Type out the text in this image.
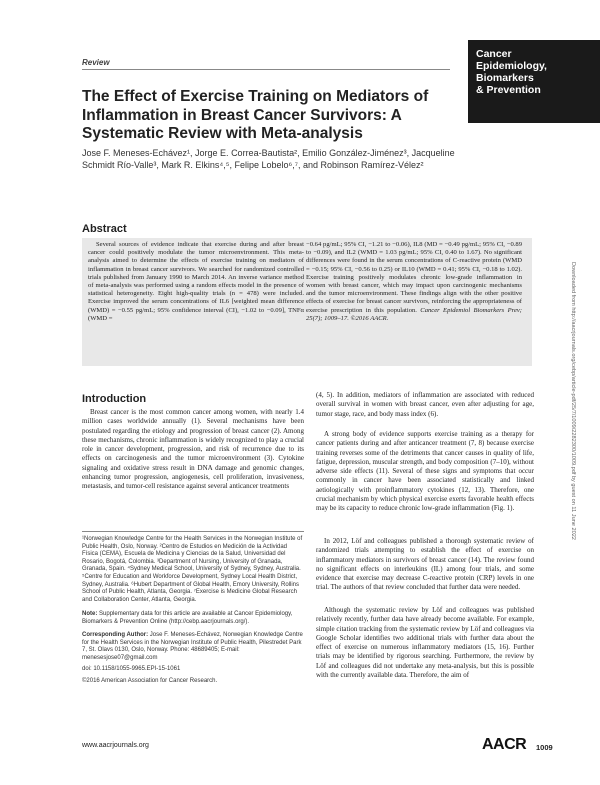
Review
Cancer
Epidemiology,
Biomarkers
& Prevention
The Effect of Exercise Training on Mediators of Inflammation in Breast Cancer Survivors: A Systematic Review with Meta-analysis
Jose F. Meneses-Echávez¹, Jorge E. Correa-Bautista², Emilio González-Jiménez³, Jacqueline Schmidt Río-Valle³, Mark R. Elkins⁴,⁵, Felipe Lobelo⁶,⁷, and Robinson Ramírez-Vélez²
Abstract
Several sources of evidence indicate that exercise during and after breast cancer could positively modulate the tumor microenvironment. This meta-analysis aimed to determine the effects of exercise training on mediators of inflammation in breast cancer survivors. We searched for randomized controlled trials published from January 1990 to March 2014. An inverse variance method of meta-analysis was performed using a random effects model in the presence of statistical heterogeneity. Eight high-quality trials (n = 478) were included. Exercise improved the serum concentrations of IL6 [weighted mean difference (WMD) = −0.55 pg/mL; 95% confidence interval (CI), −1.02 to −0.09], TNFα (WMD =
−0.64 pg/mL; 95% CI, −1.21 to −0.06), IL8 (MD = −0.49 pg/mL; 95% CI, −0.89 to −0.09), and IL2 (WMD = 1.03 pg/mL; 95% CI, 0.40 to 1.67). No significant differences were found in the serum concentrations of C-reactive protein (WMD = −0.15; 95% CI, −0.56 to 0.25) or IL10 (WMD = 0.41; 95% CI, −0.18 to 1.02). Exercise training positively modulates chronic low-grade inflammation in women with breast cancer, which may impact upon carcinogenic mechanisms and the tumor microenvironment. These findings align with the other positive effects of exercise for breast cancer survivors, reinforcing the appropriateness of exercise prescription in this population. Cancer Epidemiol Biomarkers Prev; 25(7); 1009–17. ©2016 AACR.
Introduction
Breast cancer is the most common cancer among women, with nearly 1.4 million cases worldwide annually (1). Several mechanisms have been postulated regarding the etiology and progression of breast cancer (2). Among these mechanisms, chronic inflammation is widely recognized to play a crucial role in cancer development, progression, and risk of recurrence due to its effects on carcinogenesis and the tumor microenvironment (3). Cytokine signaling and oxidative stress result in DNA damage and genomic changes, enhancing tumor progression, angiogenesis, cell proliferation, invasiveness, metastasis, and tumor-cell resistance against several anticancer treatments
(4, 5). In addition, mediators of inflammation are associated with reduced overall survival in women with breast cancer, even after adjusting for age, tumor stage, race, and body mass index (6).
A strong body of evidence supports exercise training as a therapy for cancer patients during and after anticancer treatment (7, 8) because exercise training reverses some of the detriments that cancer causes in quality of life, fatigue, depression, muscular strength, and body composition (7–10), without adverse side effects (11). Several of these signs and symptoms that occur commonly in cancer have been associated statistically and linked aetiologically with proinflammatory cytokines (12, 13). Therefore, one crucial mechanism by which physical exercise exerts favorable health effects may be its capacity to reduce chronic low-grade inflammation (Fig. 1).
In 2012, Löf and colleagues published a thorough systematic review of randomized trials attempting to establish the effect of exercise on inflammatory mediators in survivors of breast cancer (14). The review found no significant effects on interleukins (IL) among four trials, and some evidence that exercise may decrease C-reactive protein (CRP) levels in one trial. The authors of that review concluded that further data were needed.
Although the systematic review by Löf and colleagues was published relatively recently, further data have already become available. For example, simple citation tracking from the systematic review by Löf and colleagues via Google Scholar identifies two additional trials with further data about the effect of exercise on numerous inflammatory mediators (15, 16). Further trials may be identified by rigorous searching. Furthermore, the review by Löf and colleagues did not undertake any meta-analysis, but this is possible with the currently available data. Therefore, the aim of
¹Norwegian Knowledge Centre for the Health Services in the Norwegian Institute of Public Health, Oslo, Norway. ²Centro de Estudios en Medición de la Actividad Física (CEMA), Escuela de Medicina y Ciencias de la Salud, Universidad del Rosario, Bogotá, Colombia. ³Department of Nursing, University of Granada, Granada, Spain. ⁴Sydney Medical School, University of Sydney, Sydney, Australia. ⁵Centre for Education and Workforce Development, Sydney Local Health District, Sydney, Australia. ⁶Hubert Department of Global Health, Emory University, Rollins School of Public Health, Atlanta, Georgia. ⁷Exercise is Medicine Global Research and Collaboration Center, Atlanta, Georgia.
Note: Supplementary data for this article are available at Cancer Epidemiology, Biomarkers & Prevention Online (http://cebp.aacrjournals.org/).
Corresponding Author: Jose F. Meneses-Echávez, Norwegian Knowledge Centre for the Health Services in the Norwegian Institute of Public Health, Pilestredet Park 7, St. Olavs 0130, Oslo, Norway. Phone: 48689405; E-mail: menesesjose07@gmail.com
doi: 10.1158/1055-9965.EPI-15-1061
©2016 American Association for Cancer Research.
www.aacrjournals.org	AACR 1009
Downloaded from http://aacrjournals.org/cebp/article-pdf/25/7/1009/2282300/1009.pdf by guest on 11 June 2022
